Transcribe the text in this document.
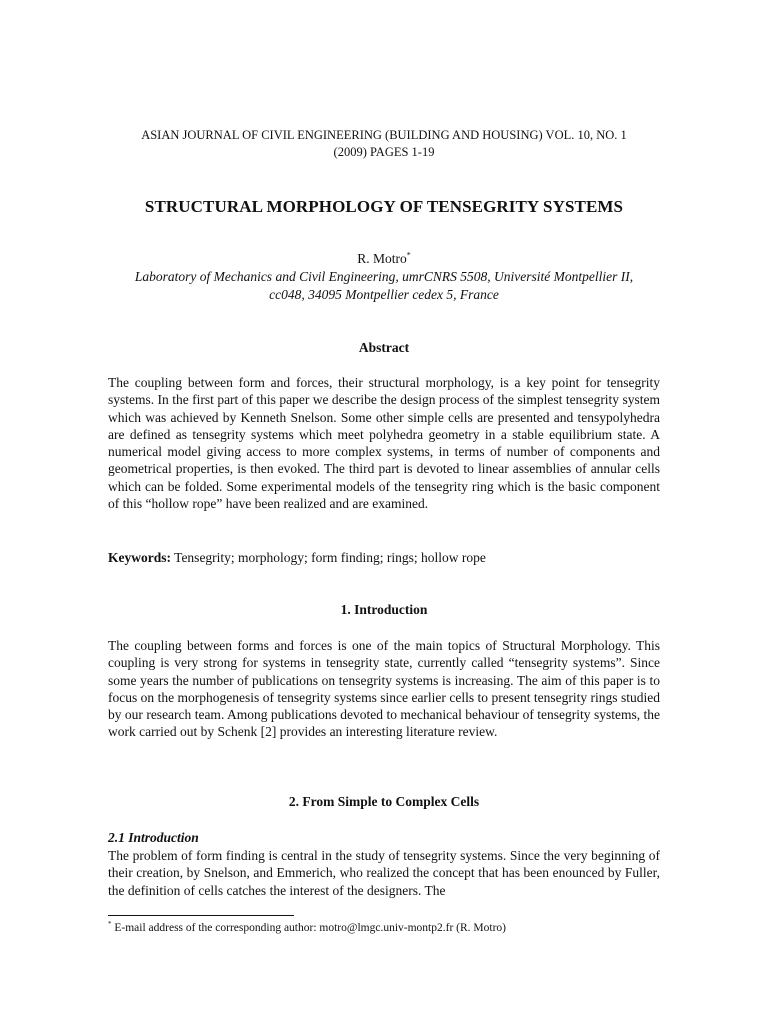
ASIAN JOURNAL OF CIVIL ENGINEERING (BUILDING AND HOUSING) VOL. 10, NO. 1
(2009) PAGES 1-19
STRUCTURAL MORPHOLOGY OF TENSEGRITY SYSTEMS
R. Motro*
Laboratory of Mechanics and Civil Engineering, umrCNRS 5508, Université Montpellier II,
cc048, 34095 Montpellier cedex 5, France
Abstract
The coupling between form and forces, their structural morphology, is a key point for tensegrity systems. In the first part of this paper we describe the design process of the simplest tensegrity system which was achieved by Kenneth Snelson. Some other simple cells are presented and tensypolyhedra are defined as tensegrity systems which meet polyhedra geometry in a stable equilibrium state. A numerical model giving access to more complex systems, in terms of number of components and geometrical properties, is then evoked. The third part is devoted to linear assemblies of annular cells which can be folded. Some experimental models of the tensegrity ring which is the basic component of this “hollow rope” have been realized and are examined.
Keywords: Tensegrity; morphology; form finding; rings; hollow rope
1. Introduction
The coupling between forms and forces is one of the main topics of Structural Morphology. This coupling is very strong for systems in tensegrity state, currently called “tensegrity systems”. Since some years the number of publications on tensegrity systems is increasing. The aim of this paper is to focus on the morphogenesis of tensegrity systems since earlier cells to present tensegrity rings studied by our research team. Among publications devoted to mechanical behaviour of tensegrity systems, the work carried out by Schenk [2] provides an interesting literature review.
2. From Simple to Complex Cells
2.1 Introduction
The problem of form finding is central in the study of tensegrity systems. Since the very beginning of their creation, by Snelson, and Emmerich, who realized the concept that has been enounced by Fuller, the definition of cells catches the interest of the designers. The
* E-mail address of the corresponding author: motro@lmgc.univ-montp2.fr (R. Motro)
